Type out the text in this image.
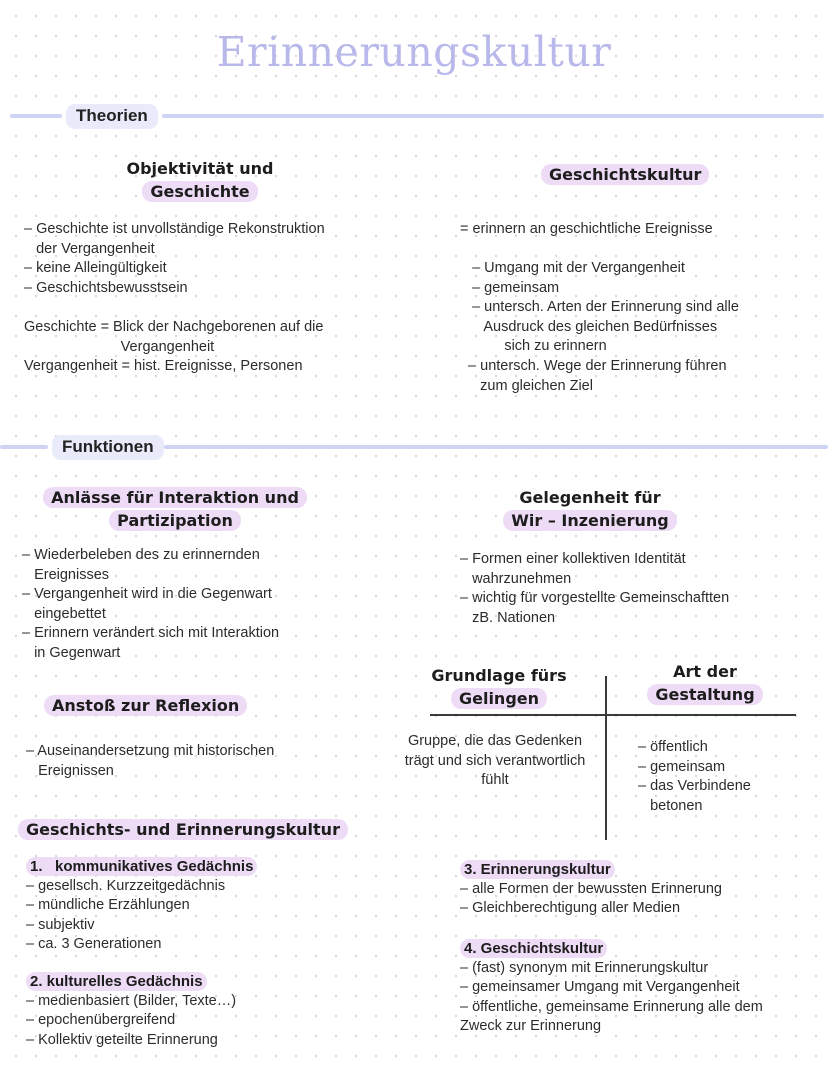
Erinnerungskultur
Theorien
Objektivität und
Geschichte
– Geschichte ist unvollständige Rekonstruktion
der Vergangenheit
– keine Alleingültigkeit
– Geschichtsbewusstsein
Geschichte = Blick der Nachgeborenen auf die
Vergangenheit
Vergangenheit = hist. Ereignisse, Personen
Geschichtskultur
= erinnern an geschichtliche Ereignisse
– Umgang mit der Vergangenheit
– gemeinsam
– untersch. Arten der Erinnerung sind alle
Ausdruck des gleichen Bedürfnisses
sich zu erinnern
– untersch. Wege der Erinnerung führen
zum gleichen Ziel
Funktionen
Anlässe für Interaktion und
Partizipation
– Wiederbeleben des zu erinnernden
Ereignisses
– Vergangenheit wird in die Gegenwart
eingebettet
– Erinnern verändert sich mit Interaktion
in Gegenwart
Gelegenheit für
Wir – Inzenierung
– Formen einer kollektiven Identität
wahrzunehmen
– wichtig für vorgestellte Gemeinschaftten
zB. Nationen
Anstoß zur Reflexion
– Auseinandersetzung mit historischen
Ereignissen
Grundlage fürs
Gelingen
Art der
Gestaltung
Gruppe, die das Gedenken
trägt und sich verantwortlich
fühlt
– öffentlich
– gemeinsam
– das Verbindene
betonen
Geschichts- und Erinnerungskultur
1.   kommunikatives Gedächnis
– gesellsch. Kurzzeitgedächnis
– mündliche Erzählungen
– subjektiv
– ca. 3 Generationen
2. kulturelles Gedächnis
– medienbasiert (Bilder, Texte…)
– epochenübergreifend
– Kollektiv geteilte Erinnerung
3. Erinnerungskultur
– alle Formen der bewussten Erinnerung
– Gleichberechtigung aller Medien
4. Geschichtskultur
– (fast) synonym mit Erinnerungskultur
– gemeinsamer Umgang mit Vergangenheit
– öffentliche, gemeinsame Erinnerung alle dem
Zweck zur Erinnerung
